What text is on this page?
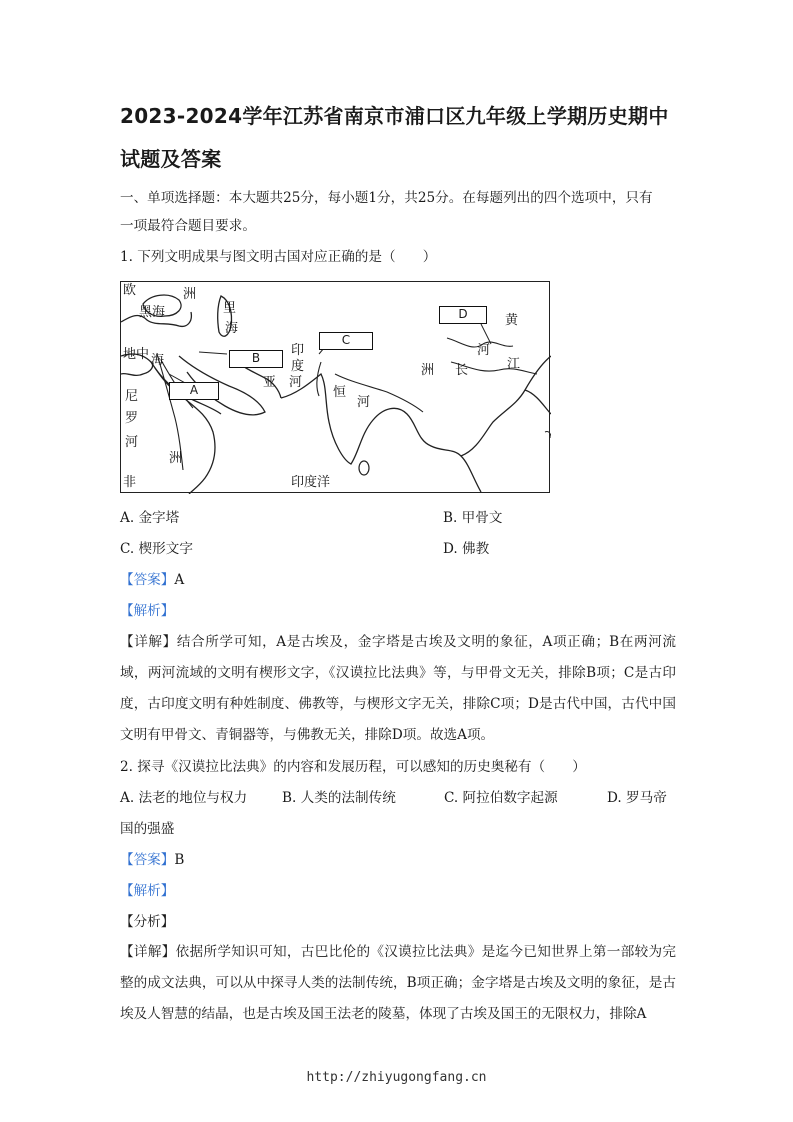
2023-2024学年江苏省南京市浦口区九年级上学期历史期中
试题及答案
一、单项选择题：本大题共25分，每小题1分，共25分。在每题列出的四个选项中，只有
一项最符合题目要求。
1. 下列文明成果与图文明古国对应正确的是（　　）
欧	洲
黑海	里
海
地中 海
尼
罗
河
洲
非
亚
印
度
河
恒
河
洲
黄
河
长	江
印度洋
A
B
C
D
A. 金字塔	B. 甲骨文
C. 楔形文字	D. 佛教
【答案】A
【解析】
【详解】结合所学可知，A是古埃及，金字塔是古埃及文明的象征，A项正确；B在两河流域，两河流域的文明有楔形文字，《汉谟拉比法典》等，与甲骨文无关，排除B项；C是古印度，古印度文明有种姓制度、佛教等，与楔形文字无关，排除C项；D是古代中国，古代中国文明有甲骨文、青铜器等，与佛教无关，排除D项。故选A项。
2. 探寻《汉谟拉比法典》的内容和发展历程，可以感知的历史奥秘有（　　）
A. 法老的地位与权力	B. 人类的法制传统	C. 阿拉伯数字起源	D. 罗马帝
国的强盛
【答案】B
【解析】
【分析】
【详解】依据所学知识可知，古巴比伦的《汉谟拉比法典》是迄今已知世界上第一部较为完整的成文法典，可以从中探寻人类的法制传统，B项正确；金字塔是古埃及文明的象征，是古埃及人智慧的结晶，也是古埃及国王法老的陵墓，体现了古埃及国王的无限权力，排除A
http://zhiyugongfang.cn
